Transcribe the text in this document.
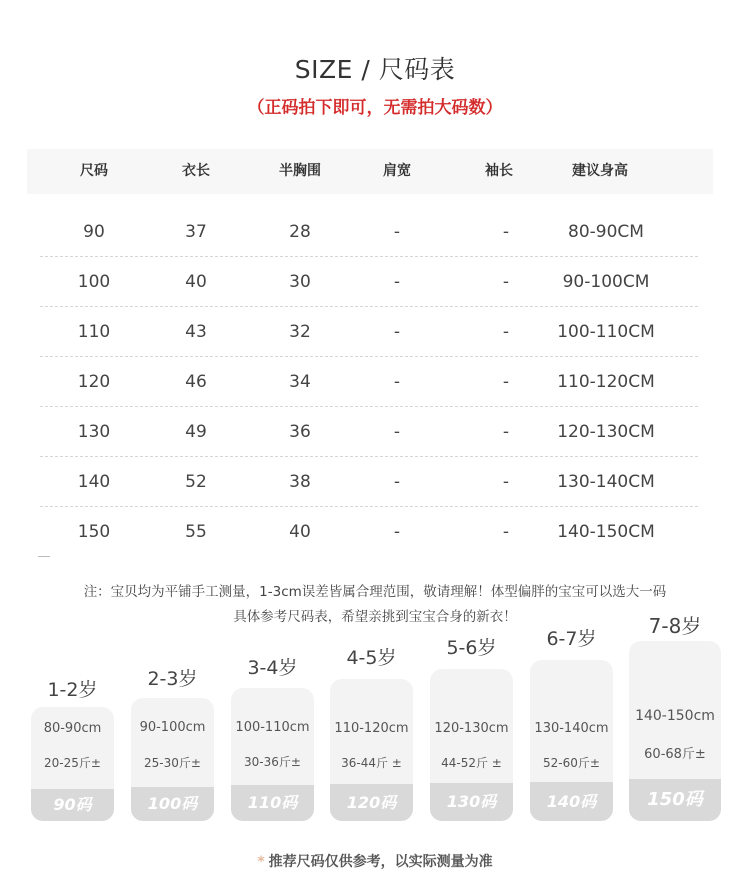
SIZE / 尺码表
（正码拍下即可，无需拍大码数）
尺码	衣长	半胸围	肩宽	袖长	建议身高
90	37	28	-	-	80-90CM
100	40	30	-	-	90-100CM
110	43	32	-	-	100-110CM
120	46	34	-	-	110-120CM
130	49	36	-	-	120-130CM
140	52	38	-	-	130-140CM
150	55	40	-	-	140-150CM
注：宝贝均为平铺手工测量，1-3cm误差皆属合理范围，敬请理解！体型偏胖的宝宝可以选大一码
具体参考尺码表，希望亲挑到宝宝合身的新衣！
1-2岁
80-90cm
20-25斤±
90码
2-3岁
90-100cm
25-30斤±
100码
3-4岁
100-110cm
30-36斤±
110码
4-5岁
110-120cm
36-44斤 ±
120码
5-6岁
120-130cm
44-52斤 ±
130码
6-7岁
130-140cm
52-60斤±
140码
7-8岁
140-150cm
60-68斤±
150码
* 推荐尺码仅供参考，以实际测量为准
